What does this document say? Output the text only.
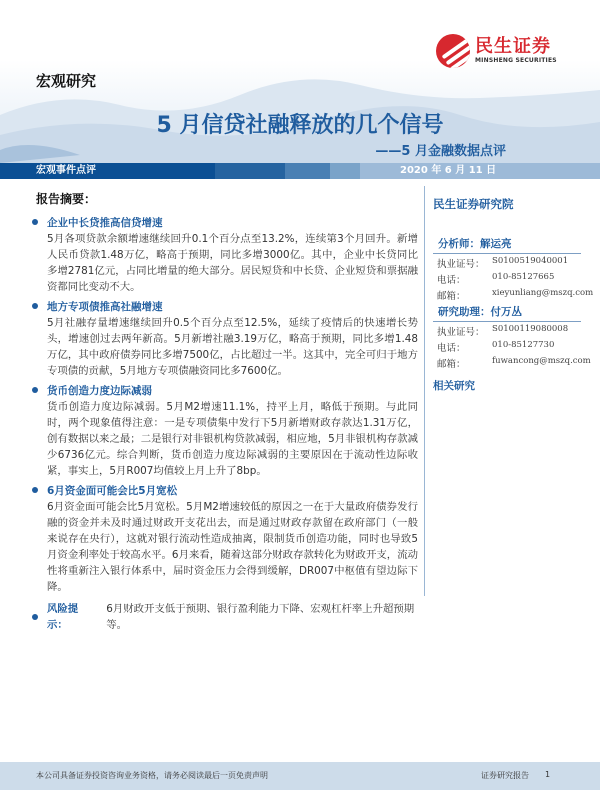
民生证券
MINSHENG SECURITIES
宏观研究
5 月信贷社融释放的几个信号
——5 月金融数据点评
宏观事件点评	2020 年 6 月 11 日
报告摘要：
企业中长贷推高信贷增速
5月各项贷款余额增速继续回升0.1个百分点至13.2%，连续第3个月回升。新增人民币贷款1.48万亿，略高于预期，同比多增3000亿。其中，企业中长贷同比多增2781亿元，占同比增量的绝大部分。居民短贷和中长贷、企业短贷和票据融资都同比变动不大。
地方专项债推高社融增速
5月社融存量增速继续回升0.5个百分点至12.5%，延续了疫情后的快速增长势头，增速创过去两年新高。5月新增社融3.19万亿，略高于预期，同比多增1.48万亿，其中政府债券同比多增7500亿，占比超过一半。这其中，完全可归于地方专项债的贡献，5月地方专项债融资同比多7600亿。
货币创造力度边际减弱
货币创造力度边际减弱。5月M2增速11.1%，持平上月，略低于预期。与此同时，两个现象值得注意：一是专项债集中发行下5月新增财政存款达1.31万亿，创有数据以来之最；二是银行对非银机构贷款减弱，相应地，5月非银机构存款减少6736亿元。综合判断，货币创造力度边际减弱的主要原因在于流动性边际收紧，事实上，5月R007均值较上月上升了8bp。
6月资金面可能会比5月宽松
6月资金面可能会比5月宽松。5月M2增速较低的原因之一在于大量政府债券发行融的资金并未及时通过财政开支花出去，而是通过财政存款留在政府部门（一般来说存在央行），这就对银行流动性造成抽离，限制货币创造功能，同时也导致5月资金利率处于较高水平。6月来看，随着这部分财政存款转化为财政开支，流动性将重新注入银行体系中，届时资金压力会得到缓解，DR007中枢值有望边际下降。
风险提示：
6月财政开支低于预期、银行盈利能力下降、宏观杠杆率上升超预期等。
民生证券研究院
分析师：解运亮
执业证号： S0100519040001
电话：	010-85127665
邮箱：	xieyunliang@mszq.com
研究助理：付万丛
执业证号： S0100119080008
电话：	010-85127730
邮箱：	fuwancong@mszq.com
相关研究
本公司具备证券投资咨询业务资格，请务必阅读最后一页免责声明	证券研究报告 1
